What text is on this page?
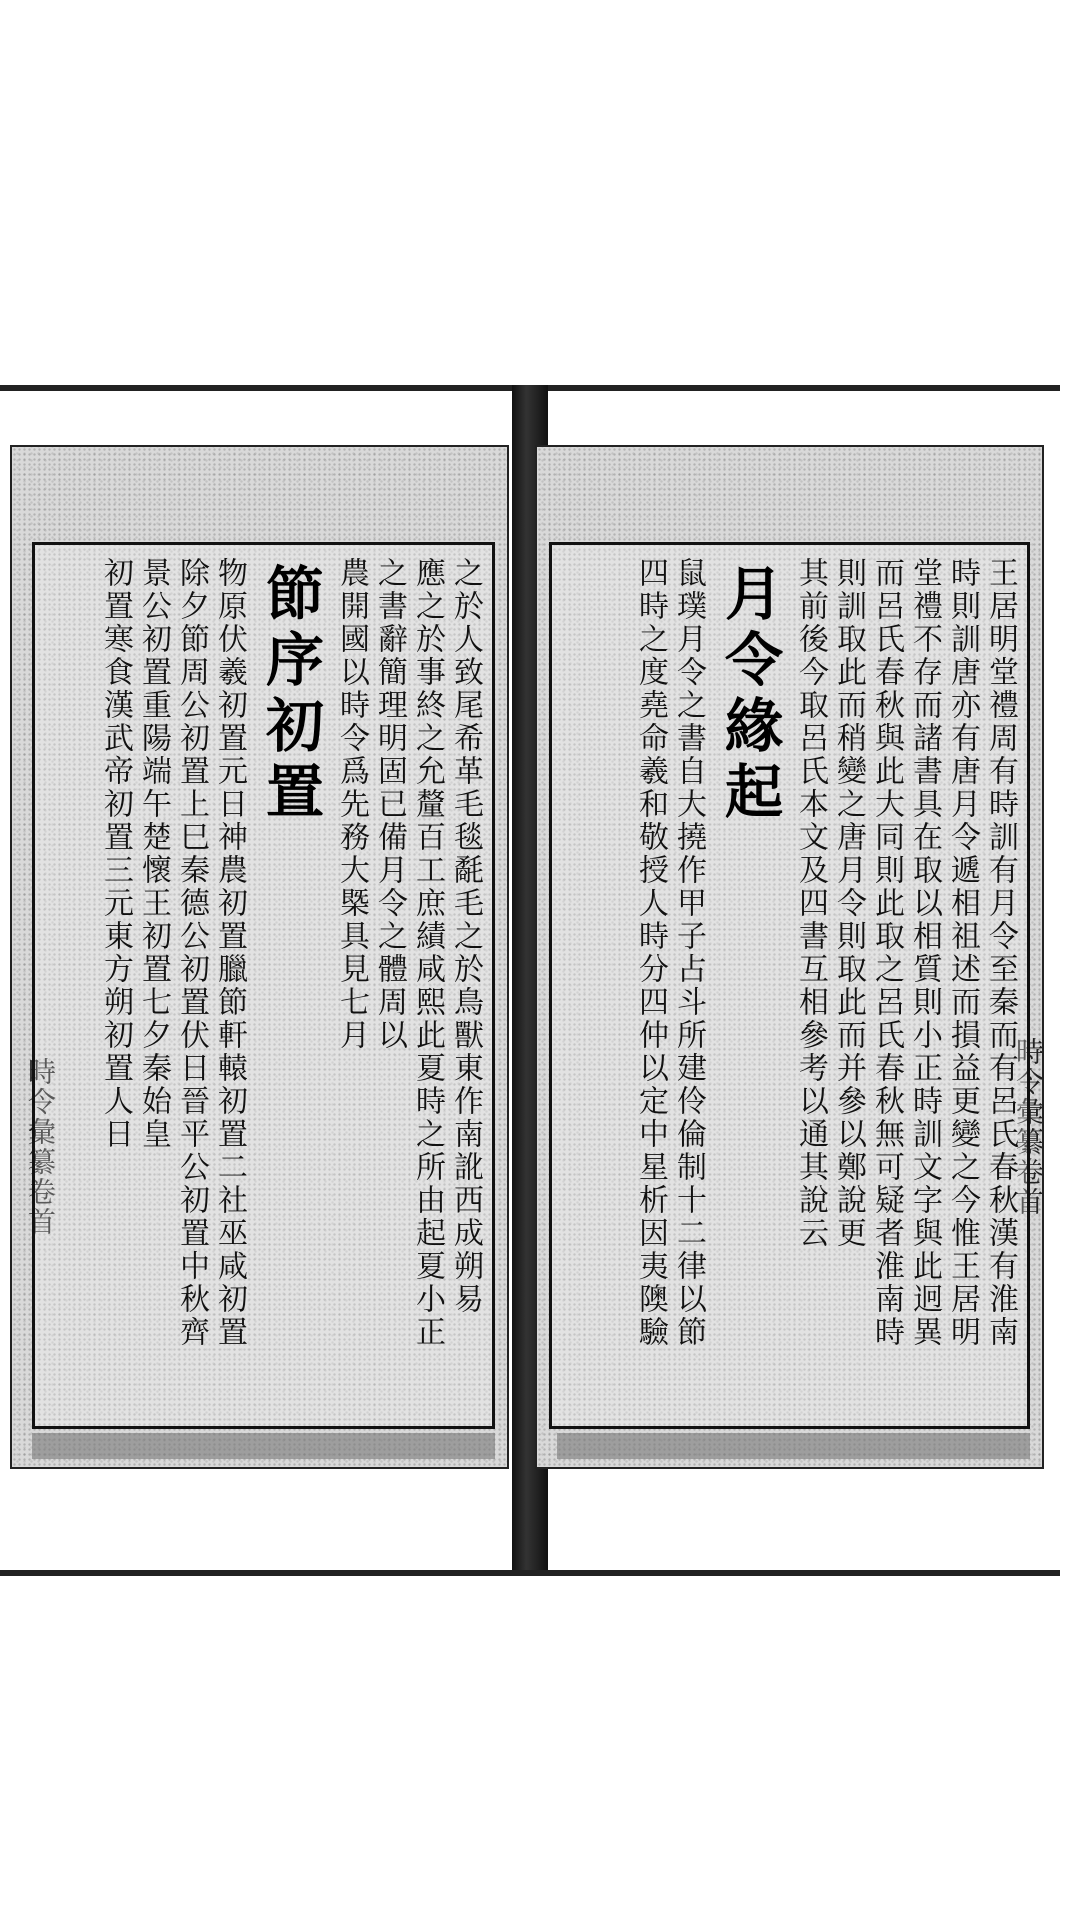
時令彙纂卷首	之於人致尾希革毛毯氄毛之於鳥獸東作南訛西成朔易
應之於事終之允釐百工庶績咸熙此夏時之所由起夏小正
之書辭簡理明固已備月令之體周以
農開國以時令爲先務大槩具見七月
節序初置
物原伏羲初置元日神農初置臘節軒轅初置二社巫咸初置
除夕節周公初置上巳秦德公初置伏日晉平公初置中秋齊
景公初置重陽端午楚懷王初置七夕秦始皇
初置寒食漢武帝初置三元東方朔初置人日	時令彙纂卷首
王居明堂禮周有時訓有月令至秦而有呂氏春秋漢有淮南
時則訓唐亦有唐月令遞相祖述而損益更變之今惟王居明
堂禮不存而諸書具在取以相質則小正時訓文字與此迥異
而呂氏春秋與此大同則此取之呂氏春秋無可疑者淮南時
則訓取此而稍變之唐月令則取此而并參以鄭說更
其前後今取呂氏本文及四書互相參考以通其說云
月令緣起
鼠璞月令之書自大撓作甲子占斗所建伶倫制十二律以節
四時之度堯命羲和敬授人時分四仲以定中星析因夷隩驗
